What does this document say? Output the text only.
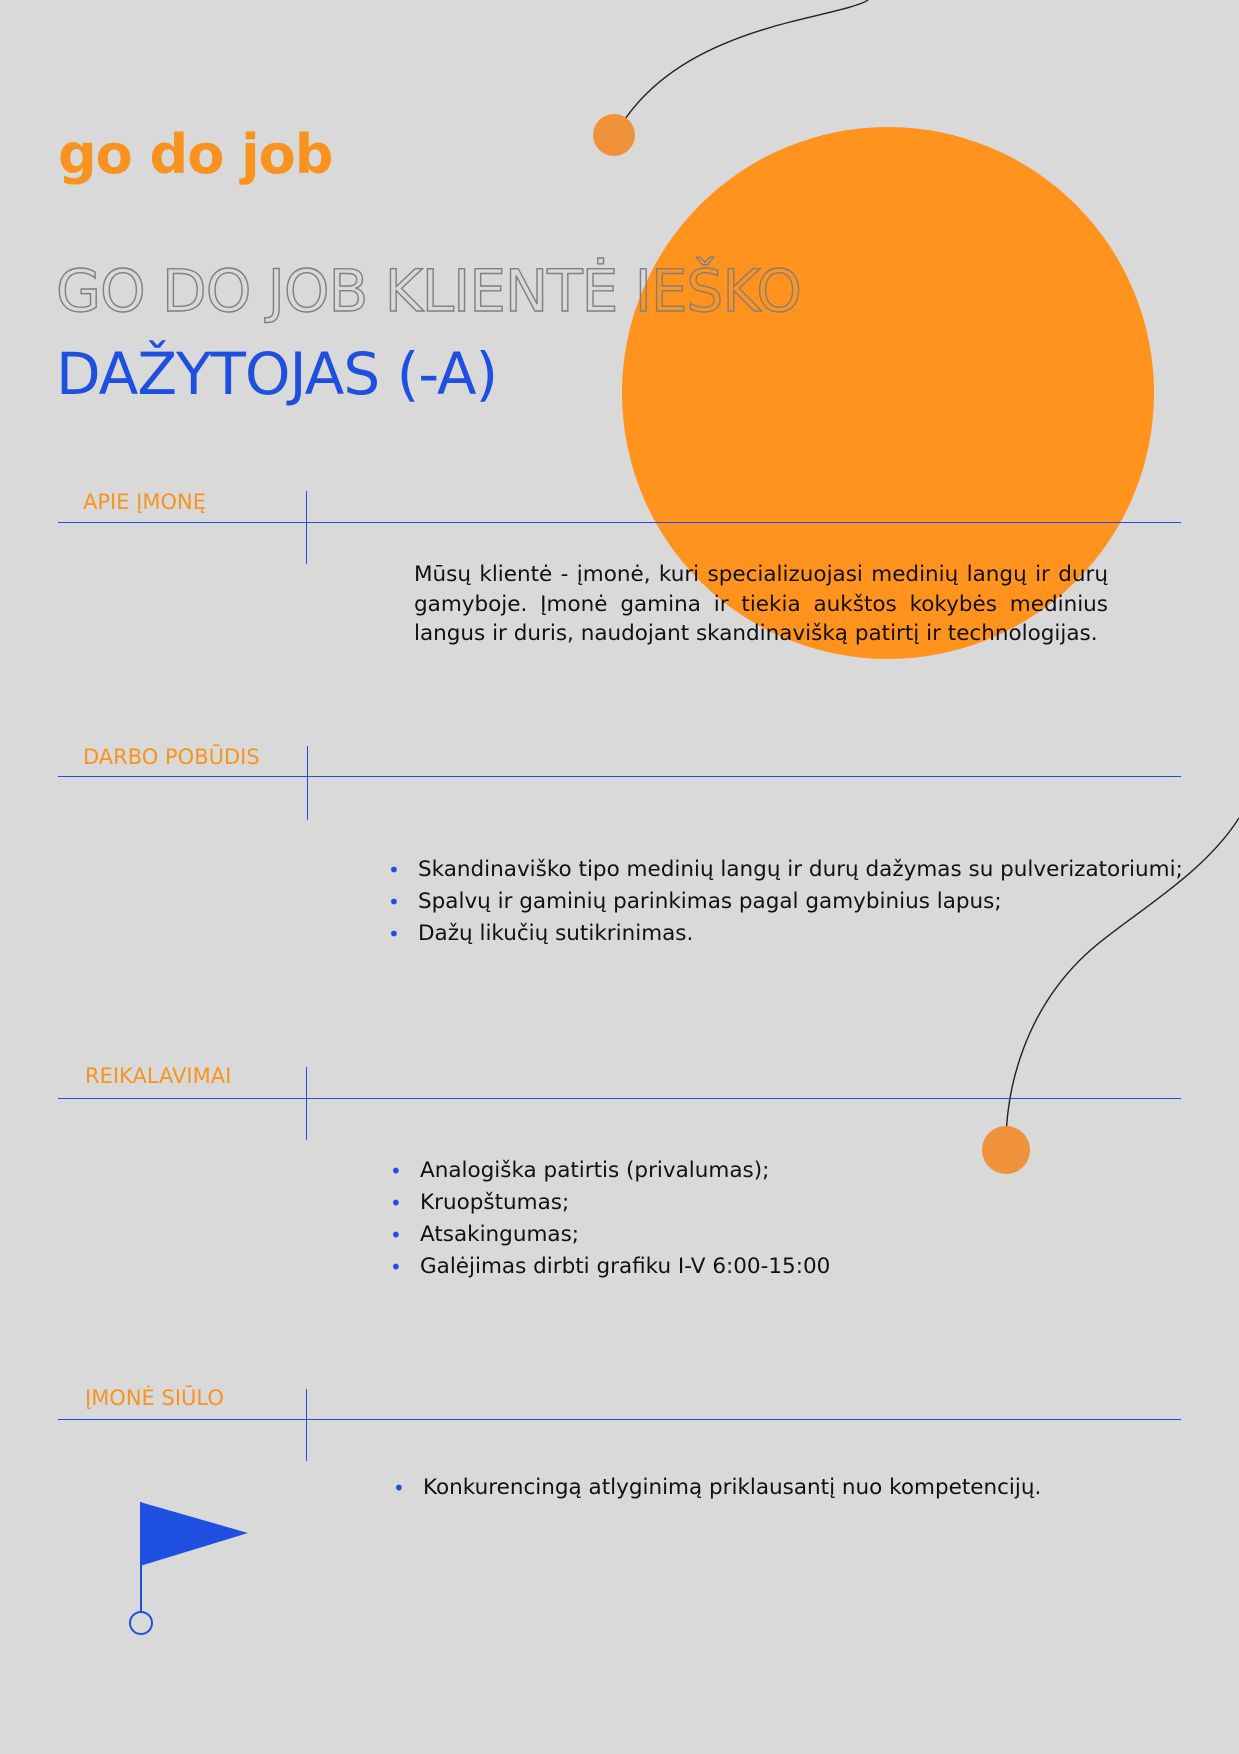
go do job
GO DO JOB KLIENTĖ IEŠKO
DAŽYTOJAS (-A)
APIE ĮMONĘ
Mūsų klientė - įmonė, kuri specializuojasi medinių langų ir durų gamyboje. Įmonė gamina ir tiekia aukštos kokybės medinius langus ir duris, naudojant skandinavišką patirtį ir technologijas.
DARBO POBŪDIS
• Skandinaviško tipo medinių langų ir durų dažymas su pulverizatoriumi;
• Spalvų ir gaminių parinkimas pagal gamybinius lapus;
• Dažų likučių sutikrinimas.
REIKALAVIMAI
• Analogiška patirtis (privalumas);
• Kruopštumas;
• Atsakingumas;
• Galėjimas dirbti grafiku I-V 6:00-15:00
ĮMONĖ SIŪLO
• Konkurencingą atlyginimą priklausantį nuo kompetencijų.
